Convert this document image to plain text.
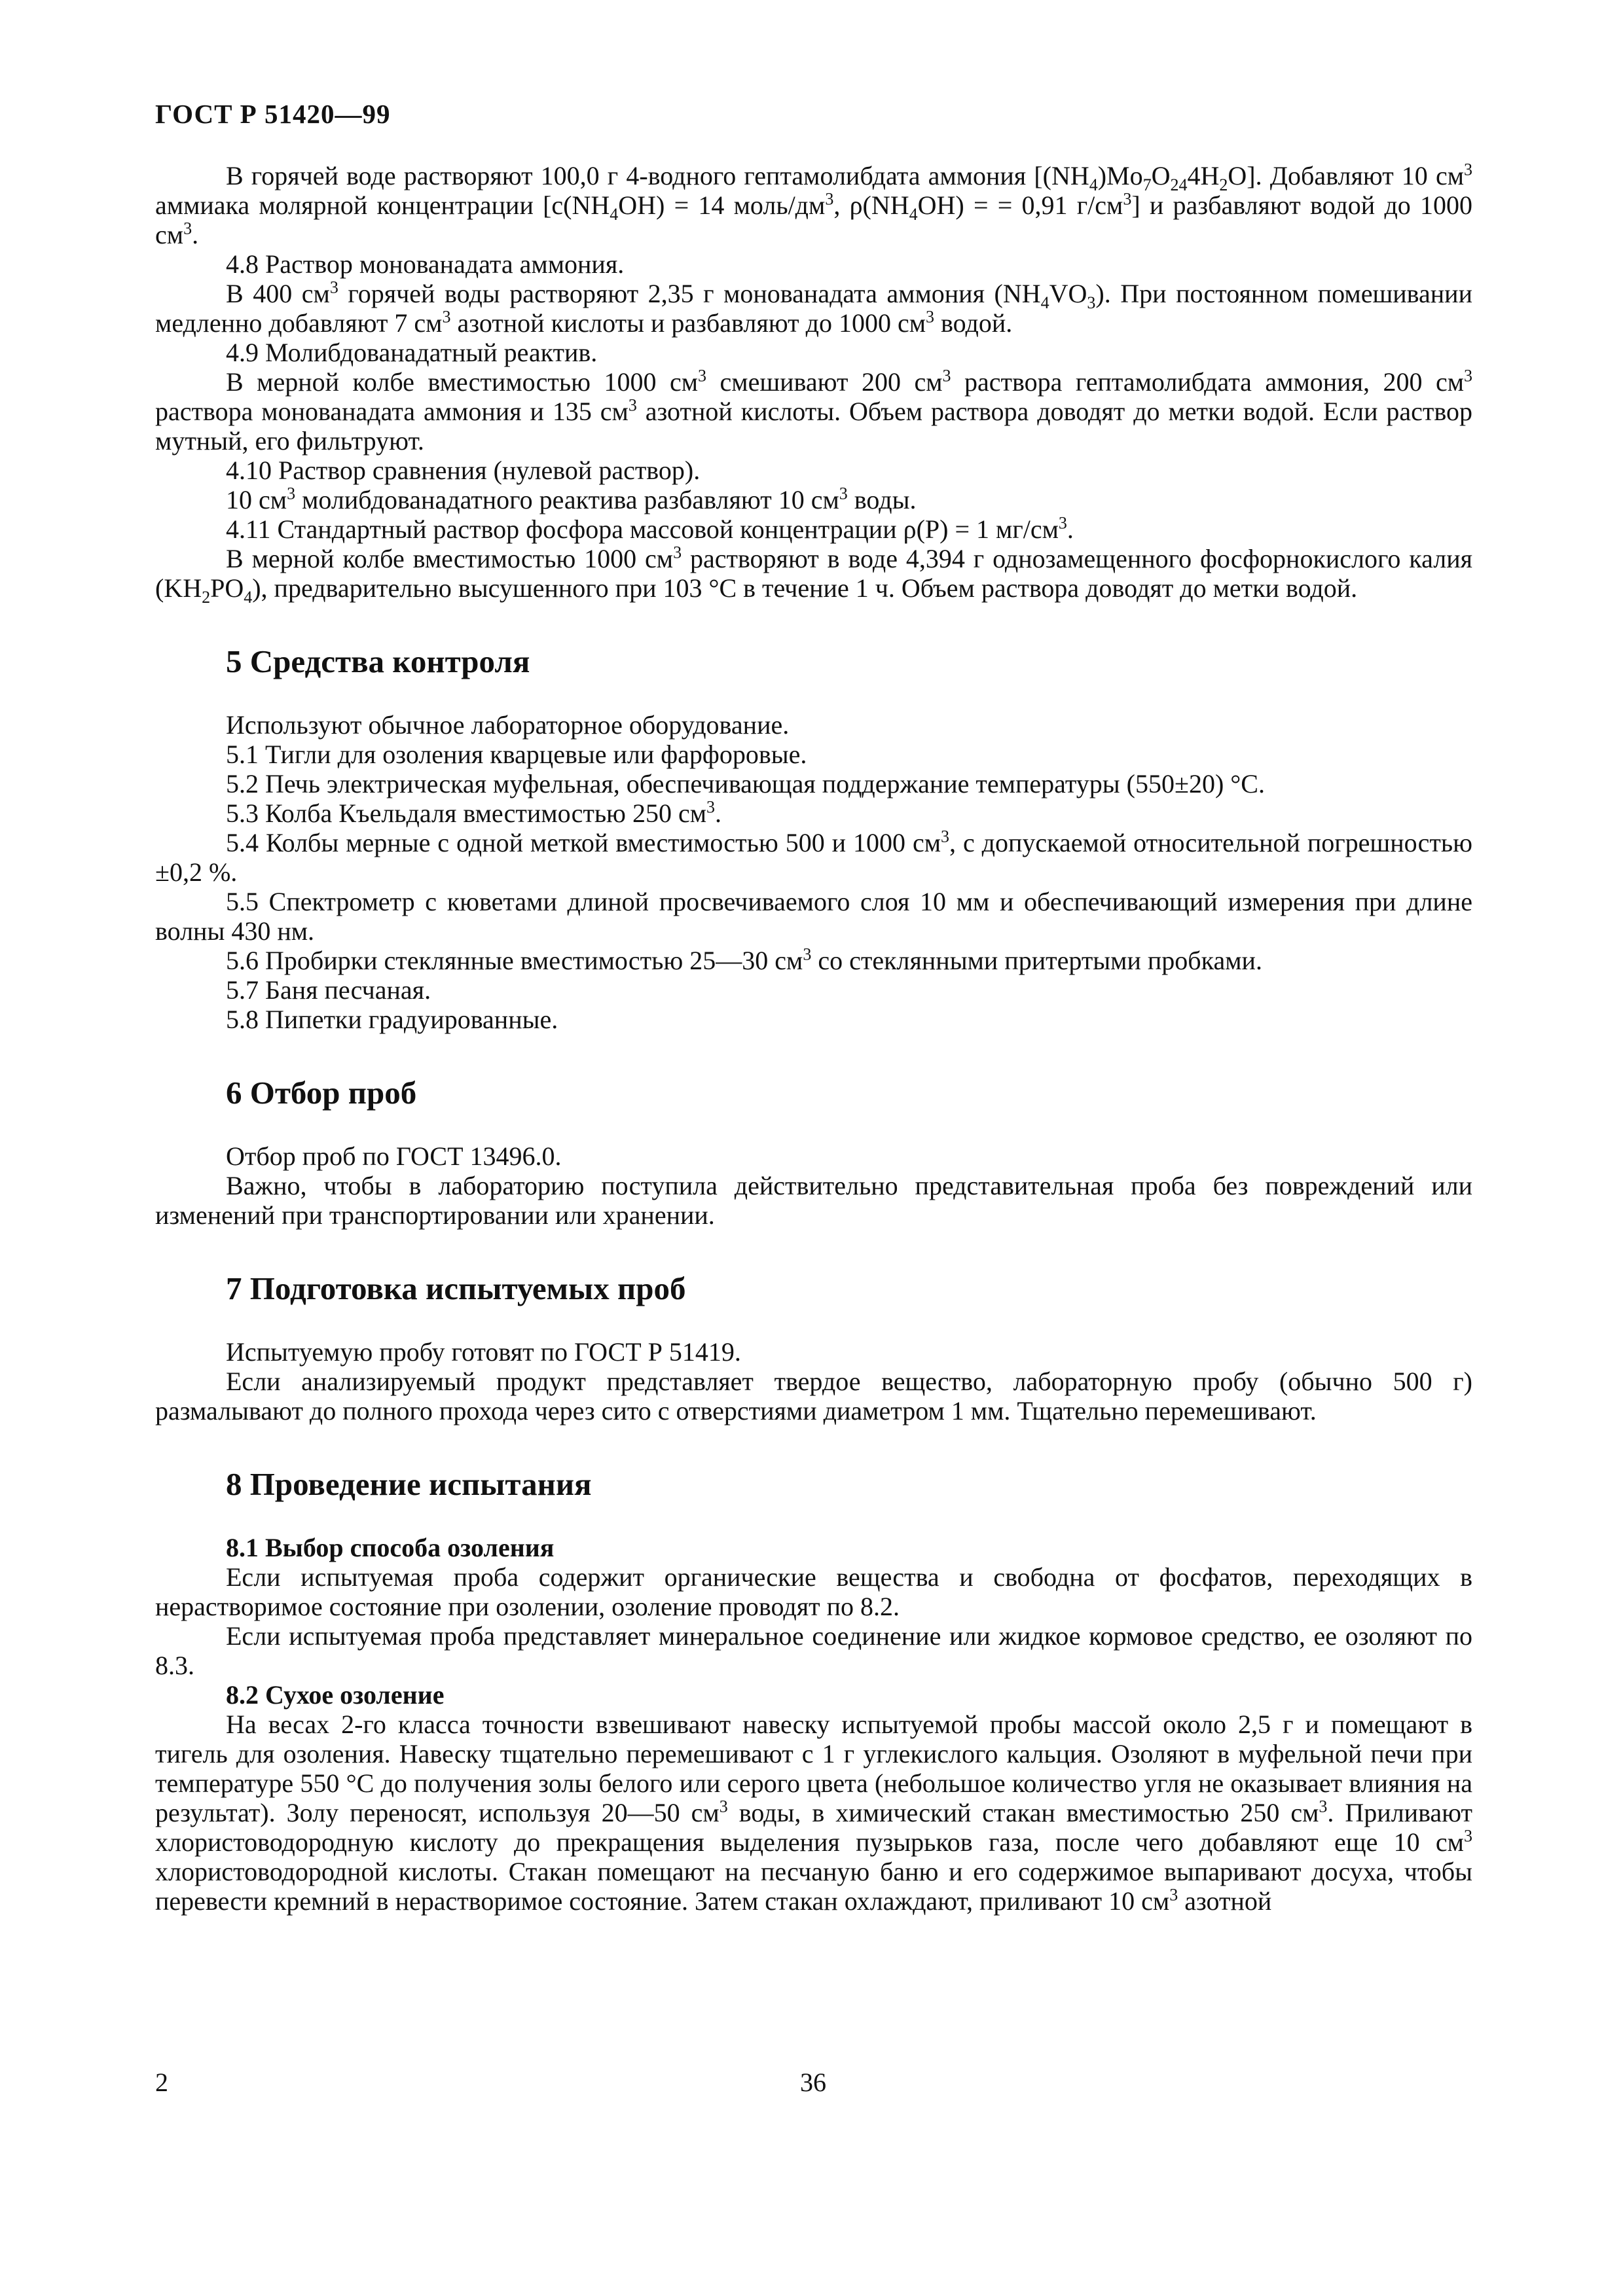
ГОСТ Р 51420—99

В горячей воде растворяют 100,0 г 4-водного гептамолибдата аммония $[(NH_4)Mo_7O_{24}4H_2O]$. Добавляют 10 $см^3$ аммиака молярной концентрации [$c(NH_4OH) = 14$ моль/$дм^3$, $\rho(NH_4OH)$ = = 0,91 $г/см^3$] и разбавляют водой до 1000 $см^3$.

4.8 Раствор монованадата аммония.

В 400 $см^3$ горячей воды растворяют 2,35 г монованадата аммония $(NH_4VO_3)$. При постоянном помешивании медленно добавляют 7 $см^3$ азотной кислоты и разбавляют до 1000 $см^3$ водой.

4.9 Молибдованадатный реактив.

В мерной колбе вместимостью 1000 $см^3$ смешивают 200 $см^3$ раствора гептамолибдата аммония, 200 $см^3$ раствора монованадата аммония и 135 $см^3$ азотной кислоты. Объем раствора доводят до метки водой. Если раствор мутный, его фильтруют.

4.10 Раствор сравнения (нулевой раствор).

10 $см^3$ молибдованадатного реактива разбавляют 10 $см^3$ воды.

4.11 Стандартный раствор фосфора массовой концентрации ρ(P) = 1 $мг/см^3$.

В мерной колбе вместимостью 1000 $см^3$ растворяют в воде 4,394 г однозамещенного фосфорнокислого калия $(KH_2PO_4)$, предварительно высушенного при 103 °С в течение 1 ч. Объем раствора доводят до метки водой.

5 Средства контроля

Используют обычное лабораторное оборудование.

5.1 Тигли для озоления кварцевые или фарфоровые.

5.2 Печь электрическая муфельная, обеспечивающая поддержание температуры (550±20) °С.

5.3 Колба Къельдаля вместимостью 250 $см^3$.

5.4 Колбы мерные с одной меткой вместимостью 500 и 1000 $см^3$, с допускаемой относительной погрешностью ±0,2 %.

5.5 Спектрометр с кюветами длиной просвечиваемого слоя 10 мм и обеспечивающий измерения при длине волны 430 нм.

5.6 Пробирки стеклянные вместимостью 25—30 $см^3$ со стеклянными притертыми пробками.

5.7 Баня песчаная.

5.8 Пипетки градуированные.

6 Отбор проб

Отбор проб по ГОСТ 13496.0.

Важно, чтобы в лабораторию поступила действительно представительная проба без повреждений или изменений при транспортировании или хранении.

7 Подготовка испытуемых проб

Испытуемую пробу готовят по ГОСТ Р 51419.

Если анализируемый продукт представляет твердое вещество, лабораторную пробу (обычно 500 г) размалывают до полного прохода через сито с отверстиями диаметром 1 мм. Тщательно перемешивают.

8 Проведение испытания
8.1 Выбор способа озоления

Если испытуемая проба содержит органические вещества и свободна от фосфатов, переходящих в нерастворимое состояние при озолении, озоление проводят по 8.2.

Если испытуемая проба представляет минеральное соединение или жидкое кормовое средство, ее озоляют по 8.3.

8.2 Сухое озоление

На весах 2-го класса точности взвешивают навеску испытуемой пробы массой около 2,5 г и помещают в тигель для озоления. Навеску тщательно перемешивают с 1 г углекислого кальция. Озоляют в муфельной печи при температуре 550 °С до получения золы белого или серого цвета (небольшое количество угля не оказывает влияния на результат). Золу переносят, используя 20—50 $см^3$ воды, в химический стакан вместимостью 250 $см^3$. Приливают хлористоводородную кислоту до прекращения выделения пузырьков газа, после чего добавляют еще 10 $см^3$ хлористоводородной кислоты. Стакан помещают на песчаную баню и его содержимое выпаривают досуха, чтобы перевести кремний в нерастворимое состояние. Затем стакан охлаждают, приливают 10 $см^3$ азотной

2	36
